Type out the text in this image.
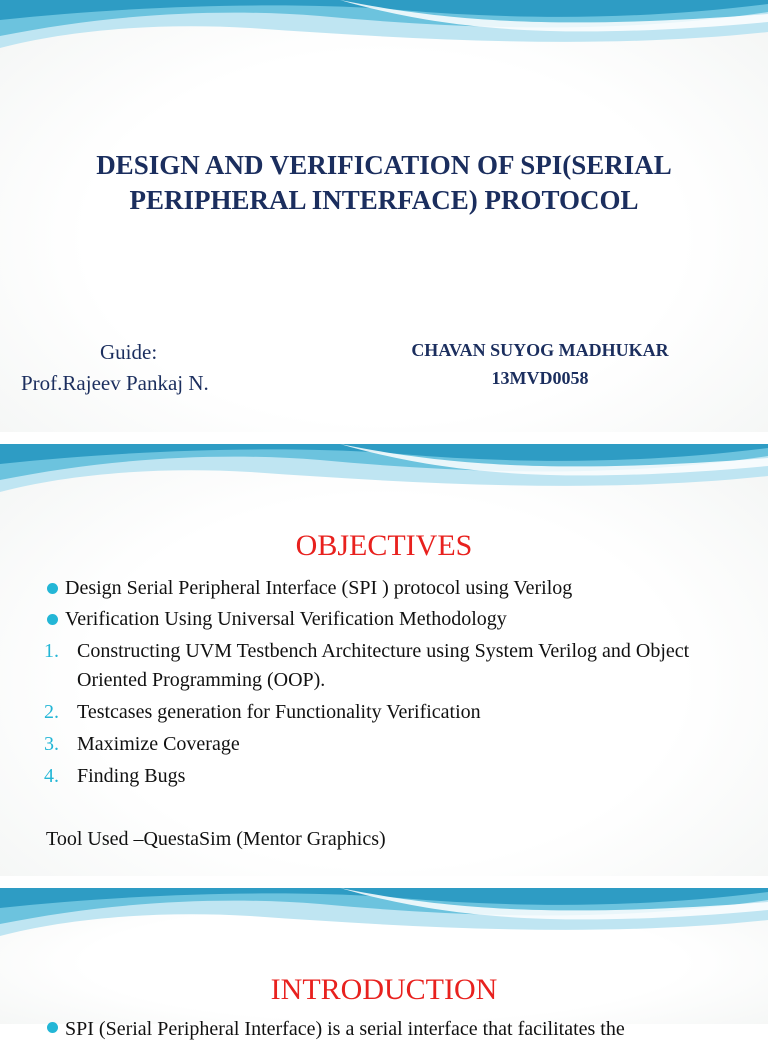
DESIGN AND VERIFICATION OF SPI(SERIAL
PERIPHERAL INTERFACE) PROTOCOL

Guide:

Prof.Rajeev Pankaj N.

CHAVAN SUYOG MADHUKAR

13MVD0058

OBJECTIVES
Design Serial Peripheral Interface (SPI ) protocol using Verilog
Verification Using Universal Verification Methodology
1. Constructing UVM Testbench Architecture using System Verilog and Object Oriented Programming (OOP).
2. Testcases generation for Functionality Verification
3. Maximize Coverage
4. Finding Bugs
Tool Used –QuestaSim (Mentor Graphics)
INTRODUCTION
SPI (Serial Peripheral Interface) is a serial interface that facilitates the
